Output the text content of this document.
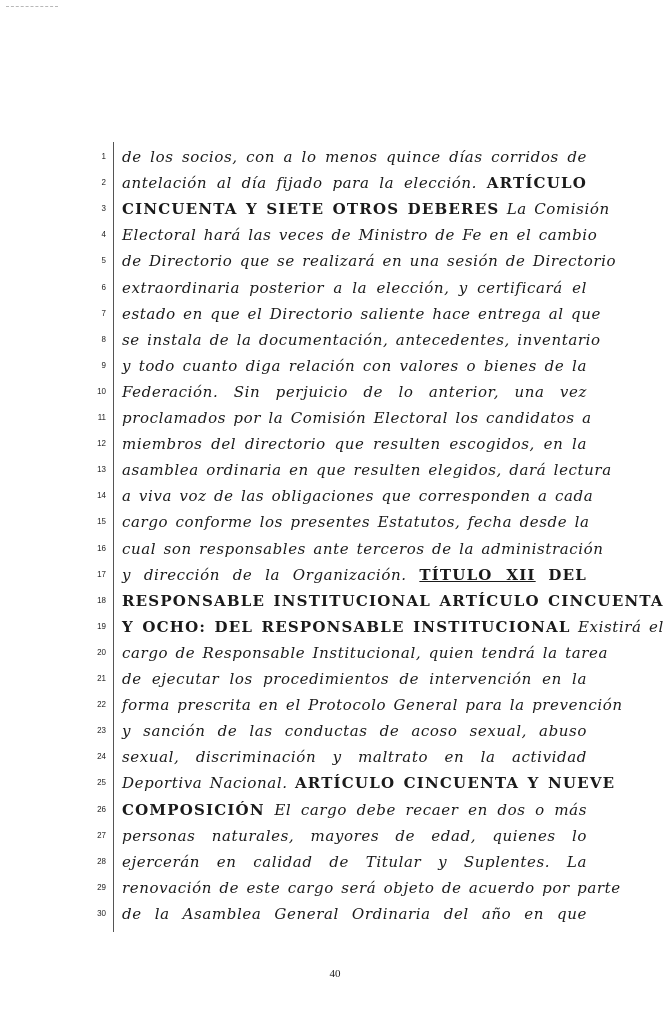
1 de los socios, con a lo menos quince días corridos de
2 antelación al día fijado para la elección. ARTÍCULO
3 CINCUENTA Y SIETE OTROS DEBERES La Comisión
4 Electoral hará las veces de Ministro de Fe en el cambio
5 de Directorio que se realizará en una sesión de Directorio
6 extraordinaria posterior a la elección, y certificará el
7 estado en que el Directorio saliente hace entrega al que
8 se instala de la documentación, antecedentes, inventario
9 y todo cuanto diga relación con valores o bienes de la
10 Federación. Sin perjuicio de lo anterior, una vez
11 proclamados por la Comisión Electoral los candidatos a
12 miembros del directorio que resulten escogidos, en la
13 asamblea ordinaria en que resulten elegidos, dará lectura
14 a viva voz de las obligaciones que corresponden a cada
15 cargo conforme los presentes Estatutos, fecha desde la
16 cual son responsables ante terceros de la administración
17 y dirección de la Organización. TÍTULO XII DEL
18 RESPONSABLE INSTITUCIONAL ARTÍCULO CINCUENTA
19 Y OCHO: DEL RESPONSABLE INSTITUCIONAL Existirá el
20 cargo de Responsable Institucional, quien tendrá la tarea
21 de ejecutar los procedimientos de intervención en la
22 forma prescrita en el Protocolo General para la prevención
23 y sanción de las conductas de acoso sexual, abuso
24 sexual, discriminación y maltrato en la actividad
25 Deportiva Nacional. ARTÍCULO CINCUENTA Y NUEVE
26 COMPOSICIÓN El cargo debe recaer en dos o más
27 personas naturales, mayores de edad, quienes lo
28 ejercerán en calidad de Titular y Suplentes. La
29 renovación de este cargo será objeto de acuerdo por parte
30 de la Asamblea General Ordinaria del año en que
40
